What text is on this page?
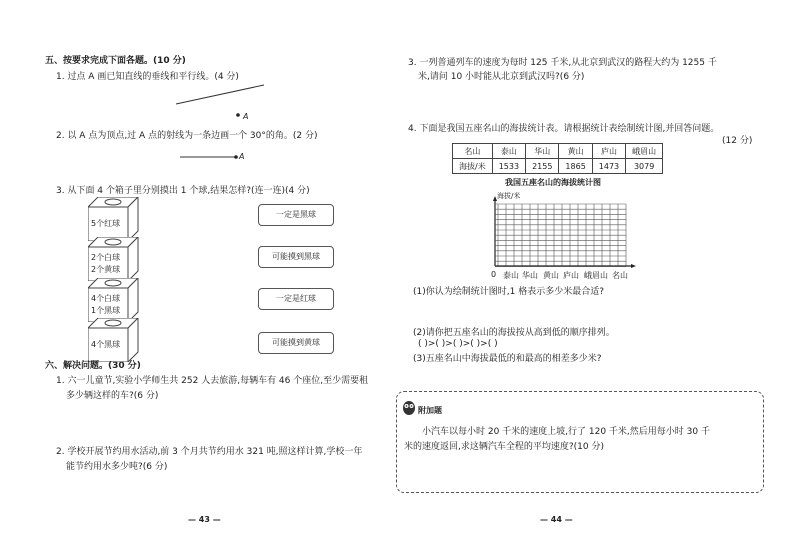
五、按要求完成下面各题。(10 分)
1. 过点 A 画已知直线的垂线和平行线。(4 分)
A
2. 以 A 点为顶点,过 A 点的射线为一条边画一个 30°的角。(2 分)
A
3. 从下面 4 个箱子里分别摸出 1 个球,结果怎样?(连一连)(4 分)
5个红球
2个白球
2个黄球
4个白球
1个黑球
4个黑球
一定是黑球
可能摸到黑球
一定是红球
可能摸到黄球
六、解决问题。(30 分)
1. 六一儿童节,实验小学师生共 252 人去旅游,每辆车有 46 个座位,至少需要租
多少辆这样的车?(6 分)
2. 学校开展节约用水活动,前 3 个月共节约用水 321 吨,照这样计算,学校一年
能节约用水多少吨?(6 分)
— 43 —
3. 一列普通列车的速度为每时 125 千米,从北京到武汉的路程大约为 1255 千
米,请问 10 小时能从北京到武汉吗?(6 分)
4. 下面是我国五座名山的海拔统计表。请根据统计表绘制统计图,并回答问题。
(12 分)
名山	泰山	华山	黄山	庐山	峨眉山
海拔/米	1533	2155	1865	1473	3079
我国五座名山的海拔统计图
海拔/米
0 泰山 华山 黄山 庐山 峨眉山 名山
(1)你认为绘制统计图时,1 格表示多少米最合适?
(2)请你把五座名山的海拔按从高到低的顺序排列。
( )>( )>( )>( )>( )
(3)五座名山中海拔最低的和最高的相差多少米?
附加题
小汽车以每小时 20 千米的速度上坡,行了 120 千米,然后用每小时 30 千
米的速度返回,求这辆汽车全程的平均速度?(10 分)
— 44 —
